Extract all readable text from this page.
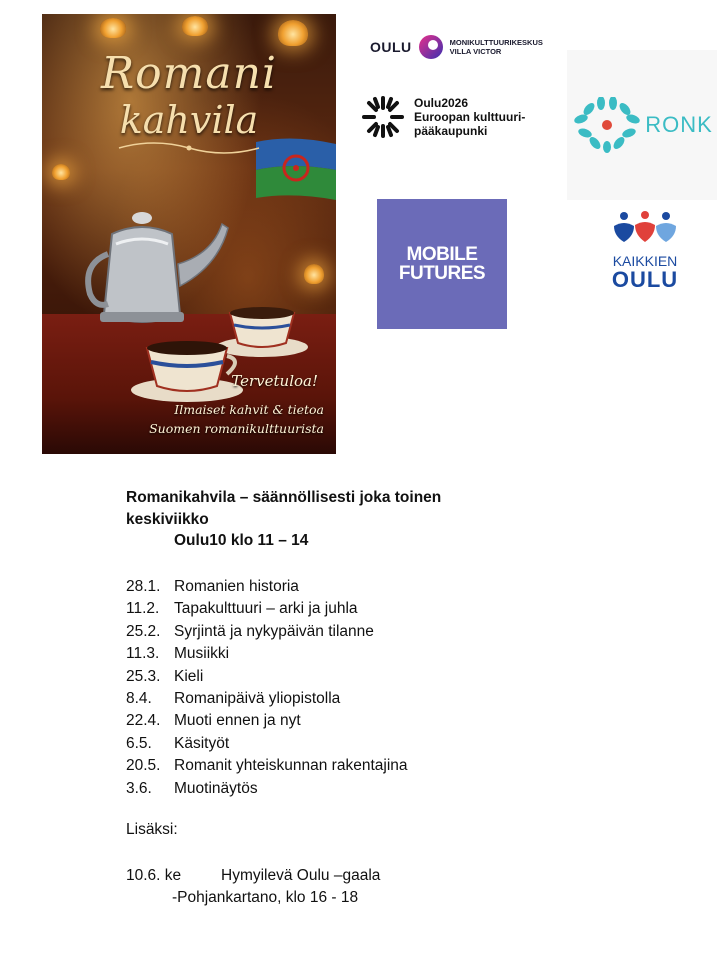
Romani
kahvila
Tervetuloa!
Ilmaiset kahvit & tietoa
Suomen romanikulttuurista
OULU	MONIKULTTUURIKESKUS
VILLA VICTOR
Oulu2026
Euroopan kulttuuri-
pääkaupunki	RONK
MOBILE
FUTURES
KAIKKIEN
OULU
Romanikahvila – säännöllisesti joka toinen keskiviikko
Oulu10 klo 11 – 14
28.1. Romanien historia
11.2. Tapakulttuuri – arki ja juhla
25.2. Syrjintä ja nykypäivän tilanne
11.3. Musiikki
25.3. Kieli
8.4.	Romanipäivä yliopistolla
22.4. Muoti ennen ja nyt
6.5.	Käsityöt
20.5. Romanit yhteiskunnan rakentajina
3.6.	Muotinäytös
Lisäksi:
10.6. ke	Hymyilevä Oulu –gaala
-Pohjankartano, klo 16 - 18
